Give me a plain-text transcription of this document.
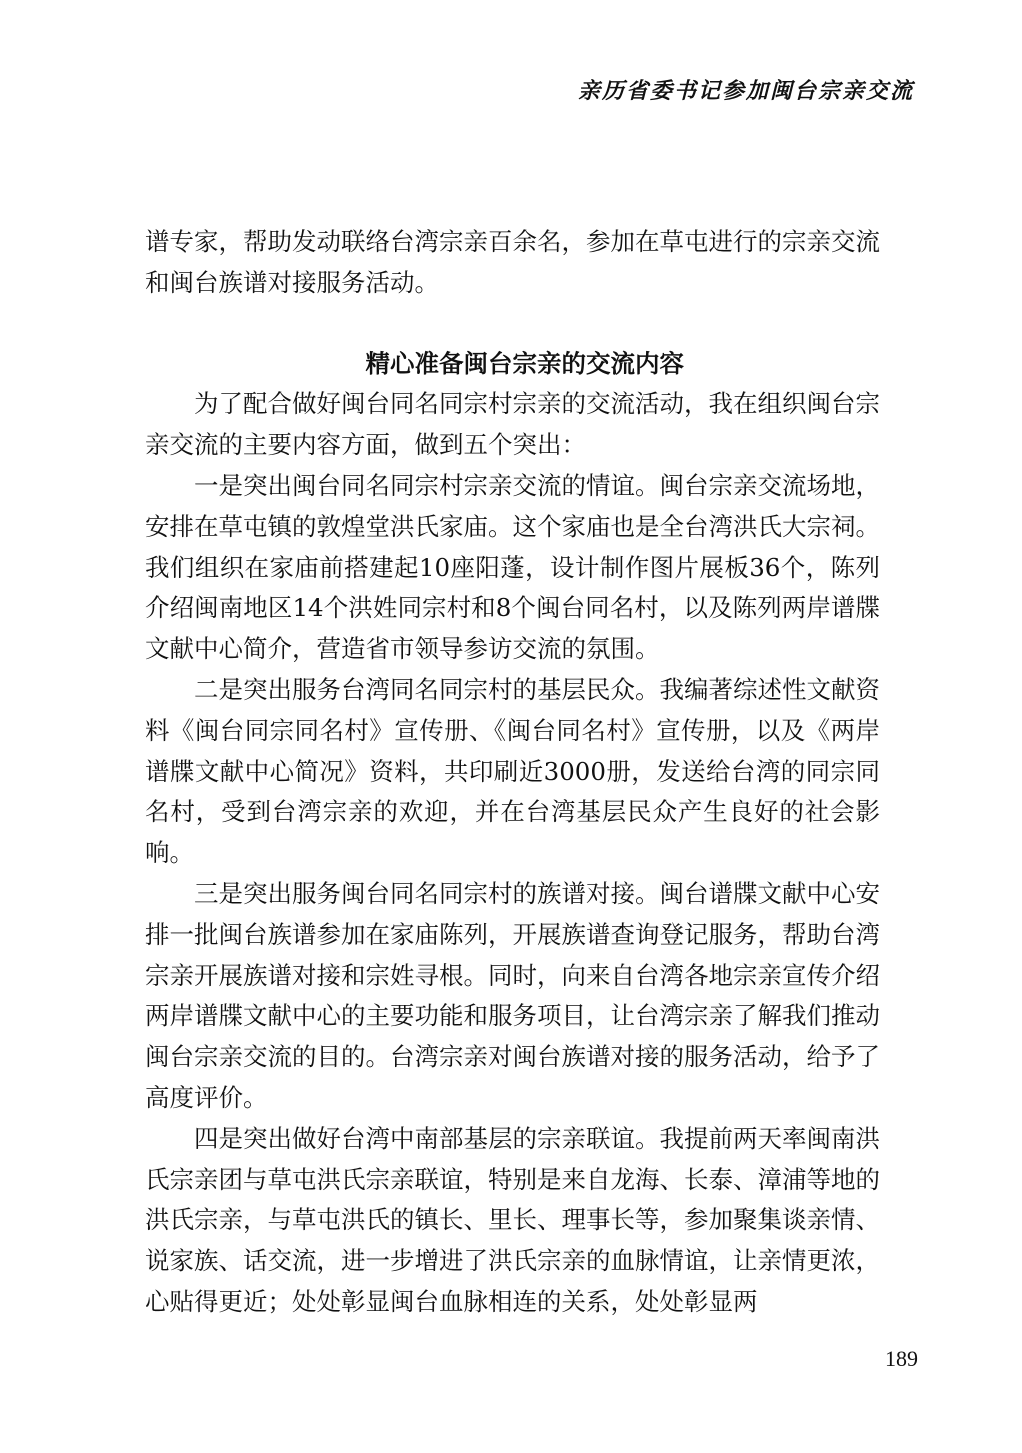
亲历省委书记参加闽台宗亲交流

谱专家，帮助发动联络台湾宗亲百余名，参加在草屯进行的宗亲交流和闽台族谱对接服务活动。

精心准备闽台宗亲的交流内容

为了配合做好闽台同名同宗村宗亲的交流活动，我在组织闽台宗亲交流的主要内容方面，做到五个突出：

一是突出闽台同名同宗村宗亲交流的情谊。闽台宗亲交流场地，安排在草屯镇的敦煌堂洪氏家庙。这个家庙也是全台湾洪氏大宗祠。我们组织在家庙前搭建起10座阳蓬，设计制作图片展板36个，陈列介绍闽南地区14个洪姓同宗村和8个闽台同名村，以及陈列两岸谱牒文献中心简介，营造省市领导参访交流的氛围。

二是突出服务台湾同名同宗村的基层民众。我编著综述性文献资料《闽台同宗同名村》宣传册、《闽台同名村》宣传册，以及《两岸谱牒文献中心简况》资料，共印刷近3000册，发送给台湾的同宗同名村，受到台湾宗亲的欢迎，并在台湾基层民众产生良好的社会影响。

三是突出服务闽台同名同宗村的族谱对接。闽台谱牒文献中心安排一批闽台族谱参加在家庙陈列，开展族谱查询登记服务，帮助台湾宗亲开展族谱对接和宗姓寻根。同时，向来自台湾各地宗亲宣传介绍两岸谱牒文献中心的主要功能和服务项目，让台湾宗亲了解我们推动闽台宗亲交流的目的。台湾宗亲对闽台族谱对接的服务活动，给予了高度评价。

四是突出做好台湾中南部基层的宗亲联谊。我提前两天率闽南洪氏宗亲团与草屯洪氏宗亲联谊，特别是来自龙海、长泰、漳浦等地的洪氏宗亲，与草屯洪氏的镇长、里长、理事长等，参加聚集谈亲情、说家族、话交流，进一步增进了洪氏宗亲的血脉情谊，让亲情更浓，心贴得更近；处处彰显闽台血脉相连的关系，处处彰显两

189
